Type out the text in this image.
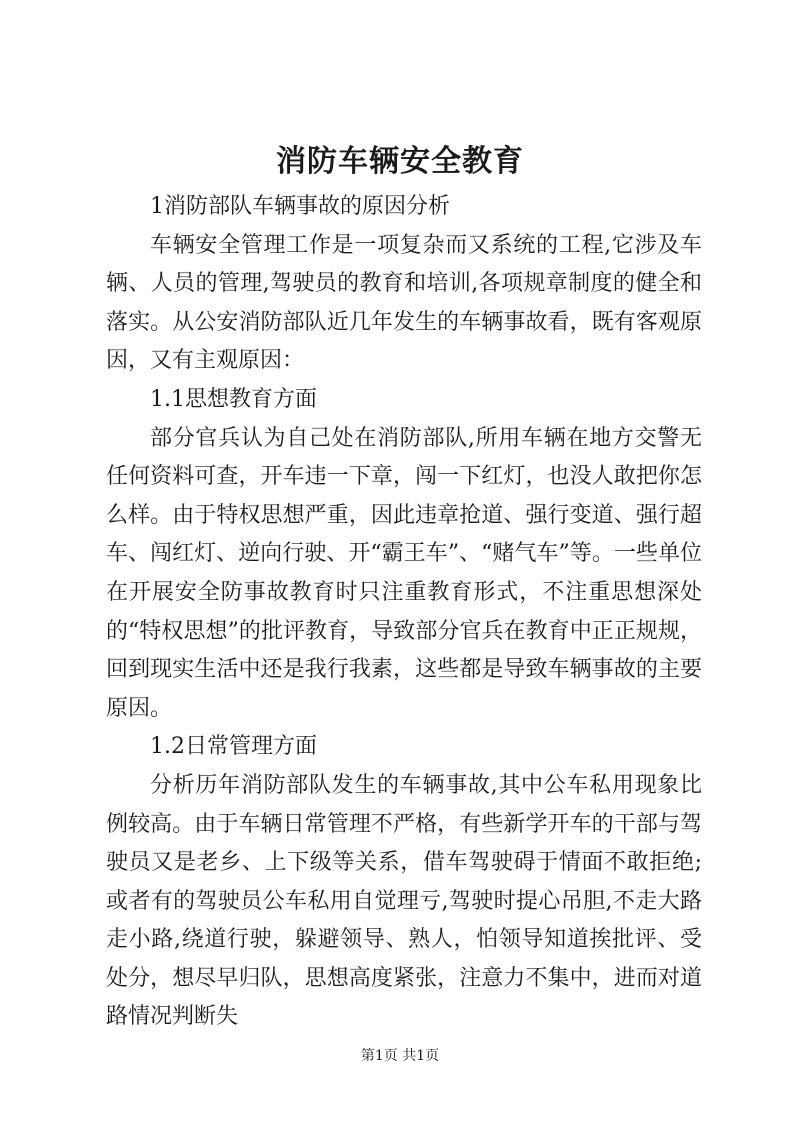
消防车辆安全教育

1消防部队车辆事故的原因分析

车辆安全管理工作是一项复杂而又系统的工程,它涉及车辆、人员的管理,驾驶员的教育和培训,各项规章制度的健全和落实。从公安消防部队近几年发生的车辆事故看，既有客观原因，又有主观原因：

1.1思想教育方面

部分官兵认为自己处在消防部队,所用车辆在地方交警无任何资料可查，开车违一下章，闯一下红灯，也没人敢把你怎么样。由于特权思想严重，因此违章抢道、强行变道、强行超车、闯红灯、逆向行驶、开“霸王车”、“赌气车”等。一些单位在开展安全防事故教育时只注重教育形式，不注重思想深处的“特权思想”的批评教育，导致部分官兵在教育中正正规规，回到现实生活中还是我行我素，这些都是导致车辆事故的主要原因。

1.2日常管理方面

分析历年消防部队发生的车辆事故,其中公车私用现象比例较高。由于车辆日常管理不严格，有些新学开车的干部与驾驶员又是老乡、上下级等关系，借车驾驶碍于情面不敢拒绝;或者有的驾驶员公车私用自觉理亏,驾驶时提心吊胆,不走大路走小路,绕道行驶，躲避领导、熟人，怕领导知道挨批评、受处分，想尽早归队，思想高度紧张，注意力不集中，进而对道路情况判断失

第1页 共1页
